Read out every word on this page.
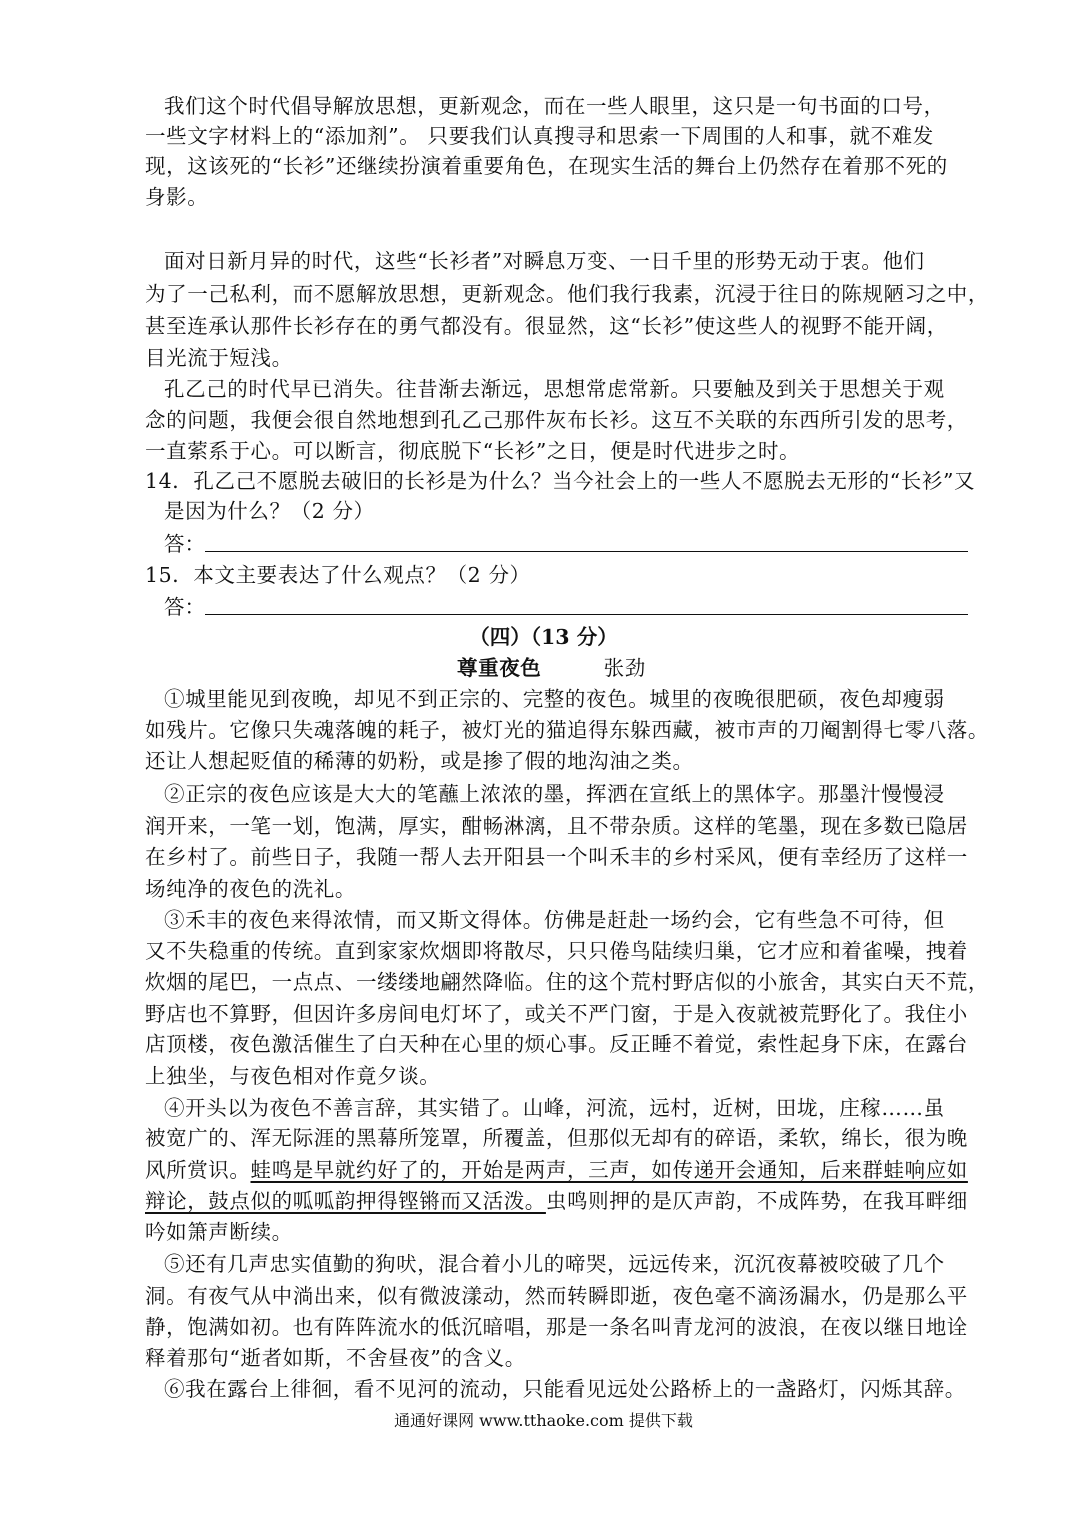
我们这个时代倡导解放思想，更新观念，而在一些人眼里，这只是一句书面的口号，
一些文字材料上的“添加剂”。 只要我们认真搜寻和思索一下周围的人和事，就不难发
现，这该死的“长衫”还继续扮演着重要角色，在现实生活的舞台上仍然存在着那不死的
身影。
面对日新月异的时代，这些“长衫者”对瞬息万变、一日千里的形势无动于衷。他们
为了一己私利，而不愿解放思想，更新观念。他们我行我素，沉浸于往日的陈规陋习之中，
甚至连承认那件长衫存在的勇气都没有。很显然，这“长衫”使这些人的视野不能开阔，
目光流于短浅。
孔乙己的时代早已消失。往昔渐去渐远，思想常虑常新。只要触及到关于思想关于观
念的问题，我便会很自然地想到孔乙己那件灰布长衫。这互不关联的东西所引发的思考，
一直萦系于心。可以断言，彻底脱下“长衫”之日，便是时代进步之时。
14．孔乙己不愿脱去破旧的长衫是为什么？当今社会上的一些人不愿脱去无形的“长衫”又
是因为什么？（2 分）
答：
15．本文主要表达了什么观点？（2 分）
答：
（四）（13 分）
尊重夜色	张劲
①城里能见到夜晚，却见不到正宗的、完整的夜色。城里的夜晚很肥硕，夜色却瘦弱
如残片。它像只失魂落魄的耗子，被灯光的猫追得东躲西藏，被市声的刀阉割得七零八落。
还让人想起贬值的稀薄的奶粉，或是掺了假的地沟油之类。
②正宗的夜色应该是大大的笔蘸上浓浓的墨，挥洒在宣纸上的黑体字。那墨汁慢慢浸
润开来，一笔一划，饱满，厚实，酣畅淋漓，且不带杂质。这样的笔墨，现在多数已隐居
在乡村了。前些日子，我随一帮人去开阳县一个叫禾丰的乡村采风，便有幸经历了这样一
场纯净的夜色的洗礼。
③禾丰的夜色来得浓情，而又斯文得体。仿佛是赶赴一场约会，它有些急不可待，但
又不失稳重的传统。直到家家炊烟即将散尽，只只倦鸟陆续归巢，它才应和着雀噪，拽着
炊烟的尾巴，一点点、一缕缕地翩然降临。住的这个荒村野店似的小旅舍，其实白天不荒，
野店也不算野，但因许多房间电灯坏了，或关不严门窗，于是入夜就被荒野化了。我住小
店顶楼，夜色激活催生了白天种在心里的烦心事。反正睡不着觉，索性起身下床，在露台
上独坐，与夜色相对作竟夕谈。
④开头以为夜色不善言辞，其实错了。山峰，河流，远村，近树，田垅，庄稼……虽
被宽广的、浑无际涯的黑幕所笼罩，所覆盖，但那似无却有的碎语，柔软，绵长，很为晚
风所赏识。蛙鸣是早就约好了的，开始是两声，三声，如传递开会通知，后来群蛙响应如
辩论，鼓点似的呱呱韵押得铿锵而又活泼。虫鸣则押的是仄声韵，不成阵势，在我耳畔细
吟如箫声断续。
⑤还有几声忠实值勤的狗吠，混合着小儿的啼哭，远远传来，沉沉夜幕被咬破了几个
洞。有夜气从中淌出来，似有微波漾动，然而转瞬即逝，夜色毫不滴汤漏水，仍是那么平
静，饱满如初。也有阵阵流水的低沉暗唱，那是一条名叫青龙河的波浪，在夜以继日地诠
释着那句“逝者如斯，不舍昼夜”的含义。
⑥我在露台上徘徊，看不见河的流动，只能看见远处公路桥上的一盏路灯，闪烁其辞。
通通好课网 www.tthaoke.com 提供下载
